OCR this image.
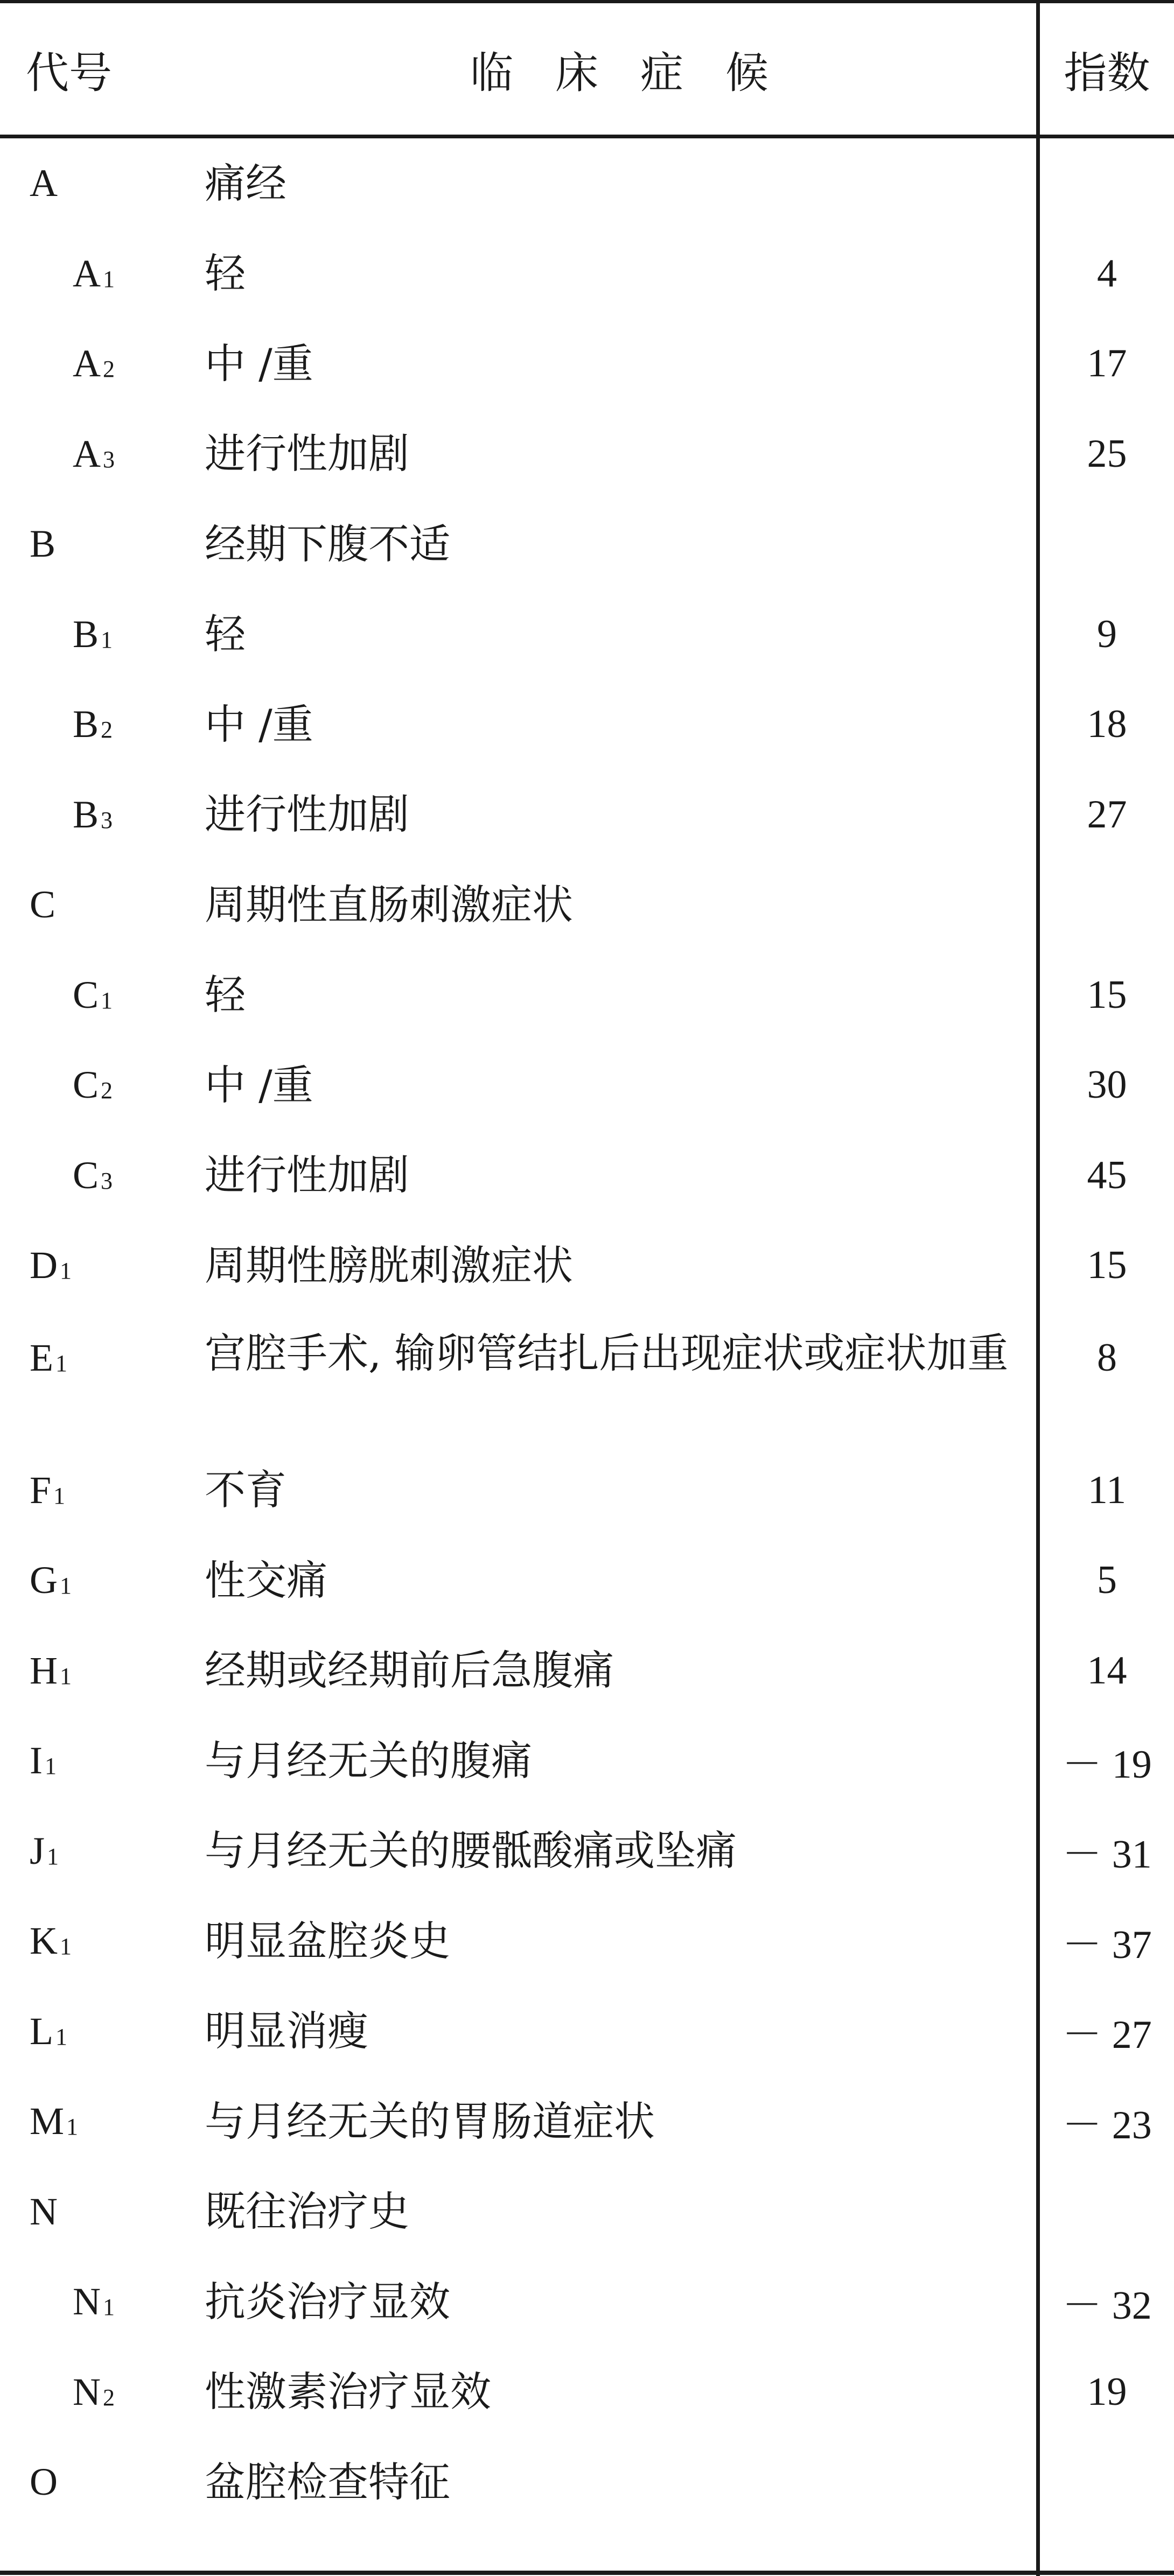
代号	临床症候	指数
A	痛经
$A_1$ 轻	4
$A_2$ 中 /重	17
$A_3$ 进行性加剧	25
B	经期下腹不适
$B_1$ 轻	9
$B_2$ 中 /重	18
$B_3$ 进行性加剧	27
C	周期性直肠刺激症状
$C_1$ 轻	15
$C_2$ 中 /重	30
$C_3$ 进行性加剧	45
$D_1$	周期性膀胱刺激症状	15
$E_1$	宫腔手术, 输卵管结扎后出现症状或症状加重	8
$F_1$	不育	11
$G_1$	性交痛	5
$H_1$	经期或经期前后急腹痛	14
$I_1$	与月经无关的腹痛	－ 19
$J_1$	与月经无关的腰骶酸痛或坠痛	－ 31
$K_1$	明显盆腔炎史	－ 37
$L_1$	明显消瘦	－ 27
$M_1$	与月经无关的胃肠道症状	－ 23
N	既往治疗史
$N_1$ 抗炎治疗显效	－ 32
$N_2$ 性激素治疗显效	19
O	盆腔检查特征
